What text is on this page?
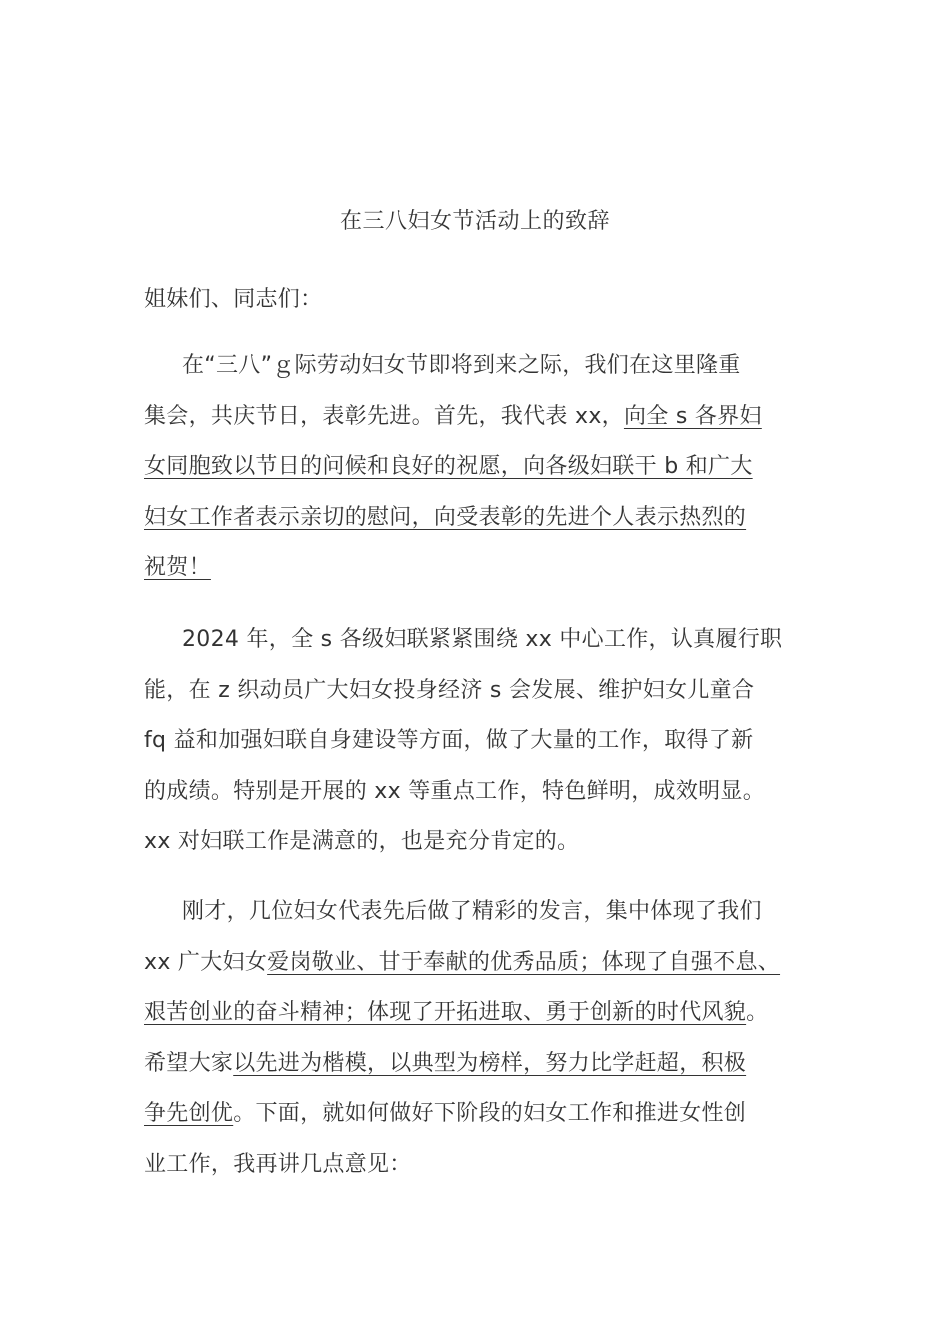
在三八妇女节活动上的致辞
姐妹们、同志们：
在“三八”ｇ际劳动妇女节即将到来之际，我们在这里隆重
集会，共庆节日，表彰先进。首先，我代表 xx，向全 s 各界妇
女同胞致以节日的问候和良好的祝愿，向各级妇联干 b 和广大
妇女工作者表示亲切的慰问，向受表彰的先进个人表示热烈的
祝贺！
2024 年，全 s 各级妇联紧紧围绕 xx 中心工作，认真履行职
能，在 z 织动员广大妇女投身经济 s 会发展、维护妇女儿童合
fq 益和加强妇联自身建设等方面，做了大量的工作，取得了新
的成绩。特别是开展的 xx 等重点工作，特色鲜明，成效明显。
xx 对妇联工作是满意的，也是充分肯定的。
刚才，几位妇女代表先后做了精彩的发言，集中体现了我们
xx 广大妇女爱岗敬业、甘于奉献的优秀品质；体现了自强不息、
艰苦创业的奋斗精神；体现了开拓进取、勇于创新的时代风貌。
希望大家以先进为楷模，以典型为榜样，努力比学赶超，积极
争先创优。下面，就如何做好下阶段的妇女工作和推进女性创
业工作，我再讲几点意见：
